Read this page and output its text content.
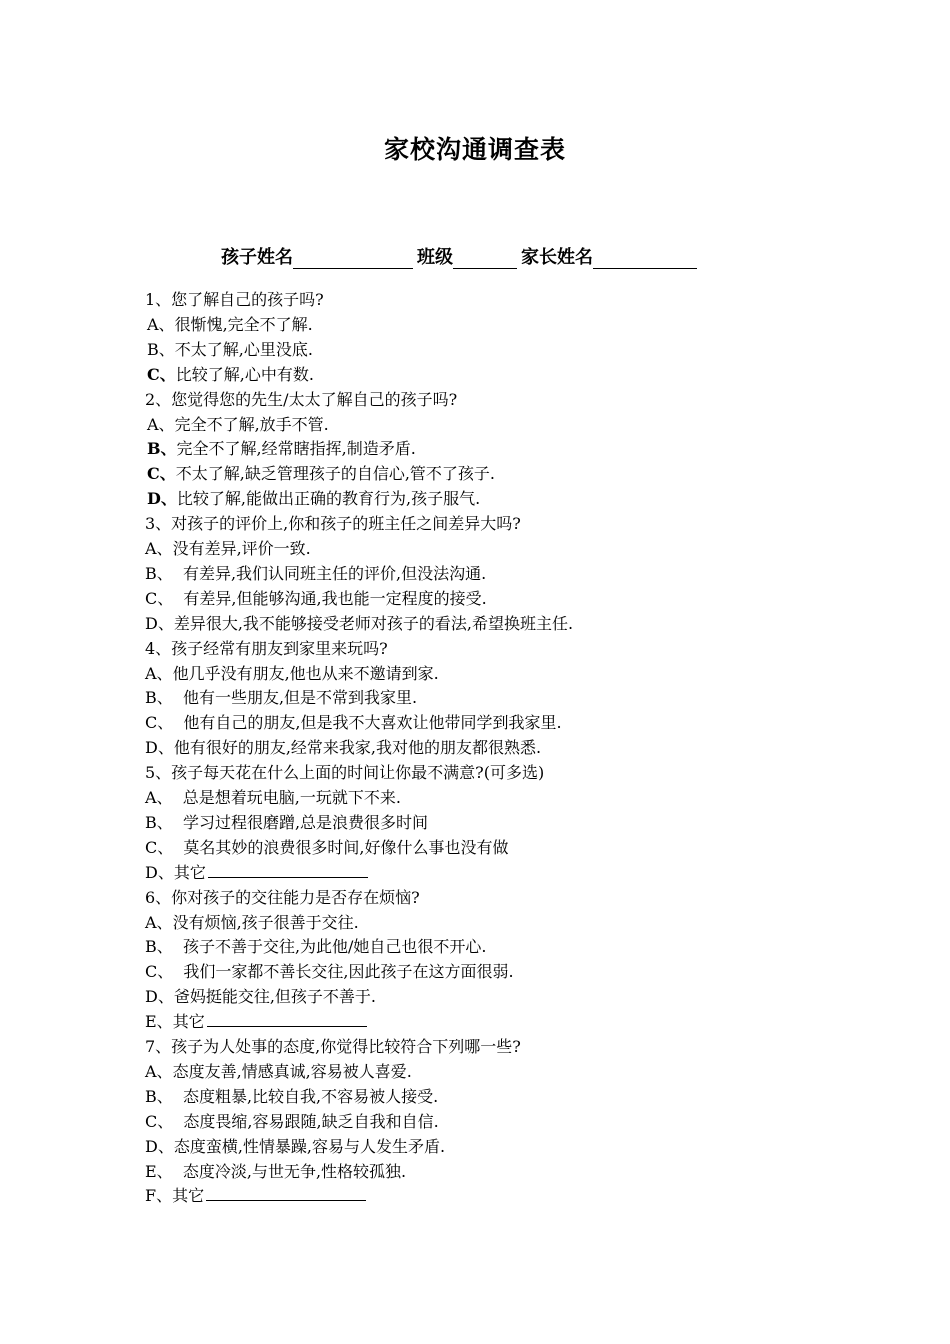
家校沟通调查表
孩子姓名	班级	家长姓名
1、您了解自己的孩子吗?
A、很惭愧,完全不了解.
B、不太了解,心里没底.
C、比较了解,心中有数.
2、您觉得您的先生/太太了解自己的孩子吗?
A、完全不了解,放手不管.
B、完全不了解,经常瞎指挥,制造矛盾.
C、不太了解,缺乏管理孩子的自信心,管不了孩子.
D、比较了解,能做出正确的教育行为,孩子服气.
3、对孩子的评价上,你和孩子的班主任之间差异大吗?
A、没有差异,评价一致.
B、  有差异,我们认同班主任的评价,但没法沟通.
C、  有差异,但能够沟通,我也能一定程度的接受.
D、差异很大,我不能够接受老师对孩子的看法,希望换班主任.
4、孩子经常有朋友到家里来玩吗?
A、他几乎没有朋友,他也从来不邀请到家.
B、  他有一些朋友,但是不常到我家里.
C、  他有自己的朋友,但是我不大喜欢让他带同学到我家里.
D、他有很好的朋友,经常来我家,我对他的朋友都很熟悉.
5、孩子每天花在什么上面的时间让你最不满意?(可多选)
A、  总是想着玩电脑,一玩就下不来.
B、  学习过程很磨蹭,总是浪费很多时间
C、  莫名其妙的浪费很多时间,好像什么事也没有做
D、其它
6、你对孩子的交往能力是否存在烦恼?
A、没有烦恼,孩子很善于交往.
B、  孩子不善于交往,为此他/她自己也很不开心.
C、  我们一家都不善长交往,因此孩子在这方面很弱.
D、爸妈挺能交往,但孩子不善于.
E、其它
7、孩子为人处事的态度,你觉得比较符合下列哪一些?
A、态度友善,情感真诚,容易被人喜爱.
B、  态度粗暴,比较自我,不容易被人接受.
C、  态度畏缩,容易跟随,缺乏自我和自信.
D、态度蛮横,性情暴躁,容易与人发生矛盾.
E、  态度冷淡,与世无争,性格较孤独.
F、其它
